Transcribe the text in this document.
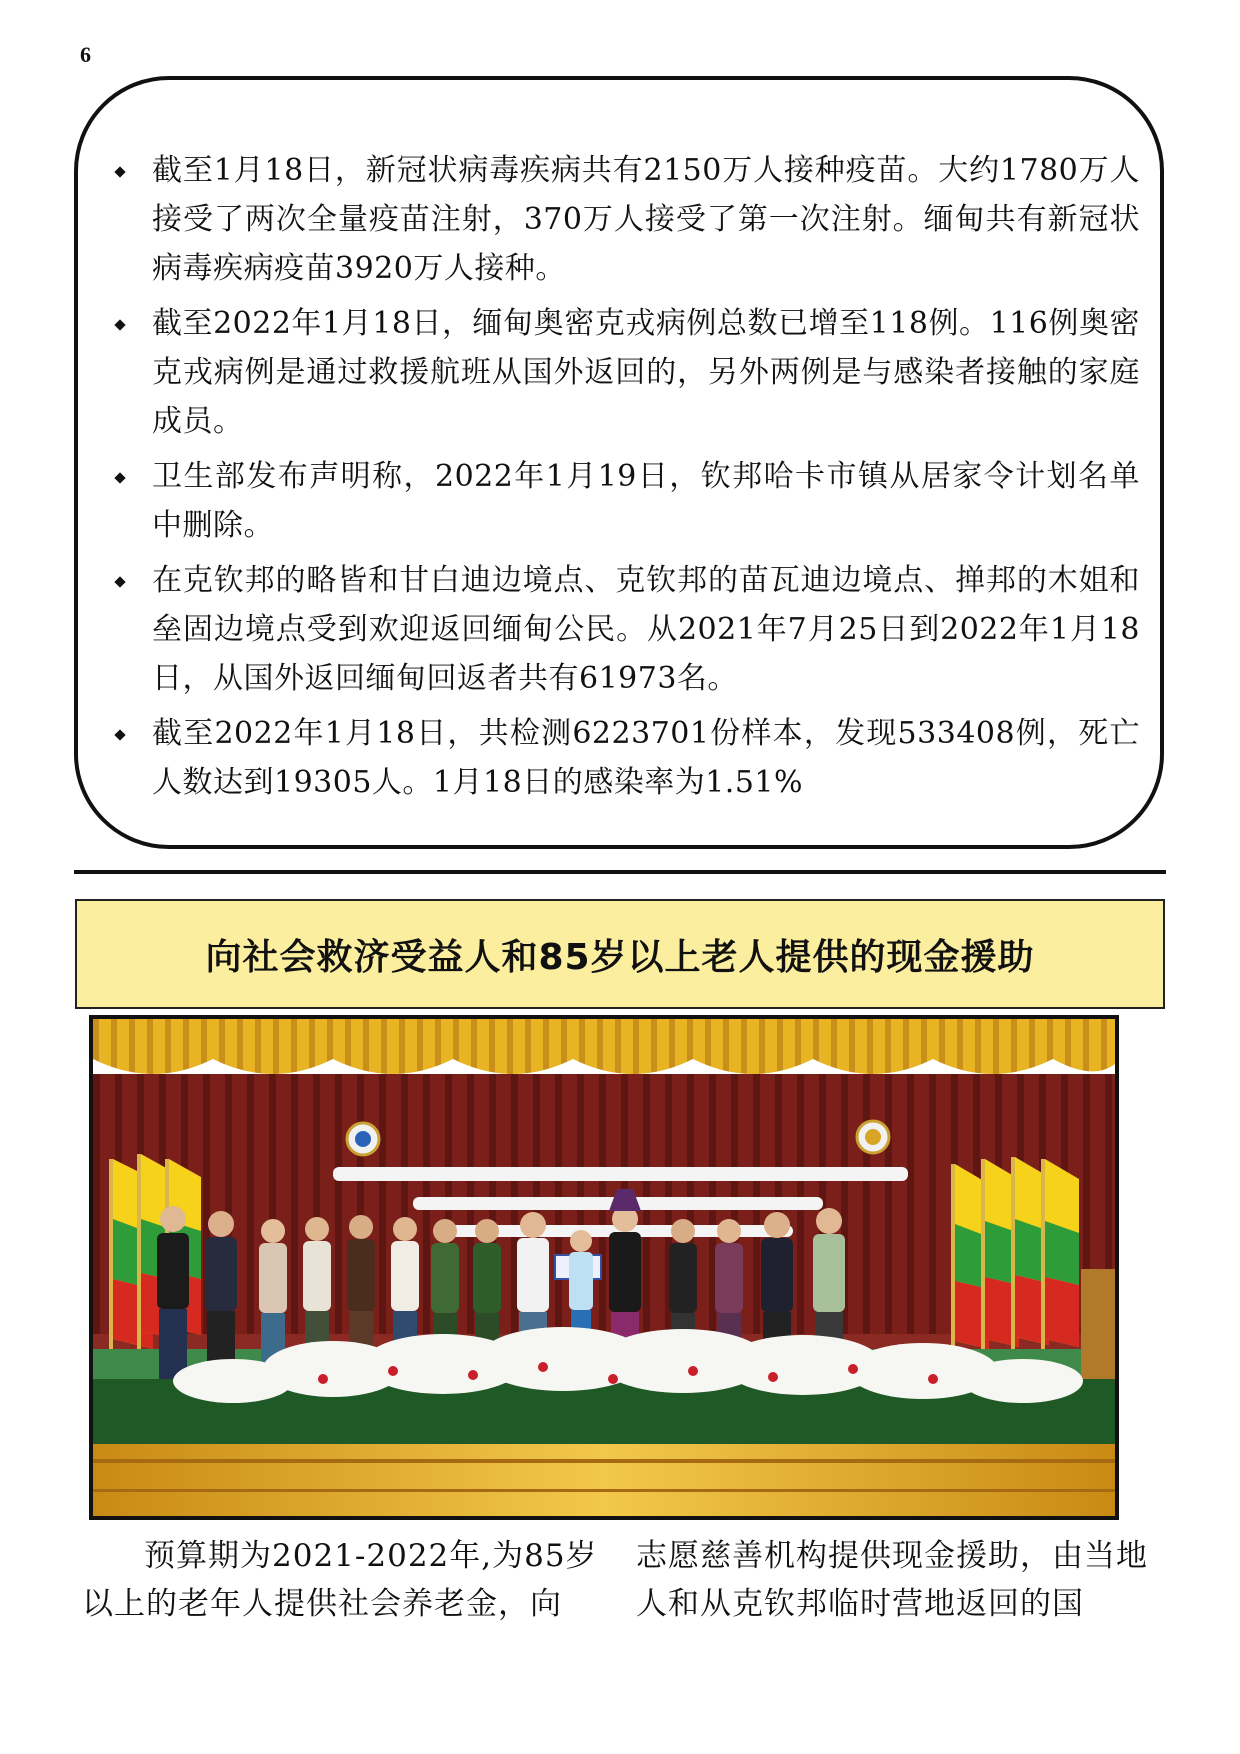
6
截至1月18日，新冠状病毒疾病共有2150万人接种疫苗。大约1780万人接受了两次全量疫苗注射，370万人接受了第一次注射。缅甸共有新冠状病毒疾病疫苗3920万人接种。
截至2022年1月18日，缅甸奥密克戎病例总数已增至118例。116例奥密克戎病例是通过救援航班从国外返回的，另外两例是与感染者接触的家庭成员。
卫生部发布声明称，2022年1月19日，钦邦哈卡市镇从居家令计划名单中删除。
在克钦邦的略皆和甘白迪边境点、克钦邦的苗瓦迪边境点、掸邦的木姐和垒固边境点受到欢迎返回缅甸公民。从2021年7月25日到2022年1月18日，从国外返回缅甸回返者共有61973名。
截至2022年1月18日，共检测6223701份样本，发现533408例，死亡人数达到19305人。1月18日的感染率为1.51%
向社会救济受益人和85岁以上老人提供的现金援助

预算期为2021-2022年,为85岁以上的老年人提供社会养老金，向

志愿慈善机构提供现金援助，由当地人和从克钦邦临时营地返回的国
